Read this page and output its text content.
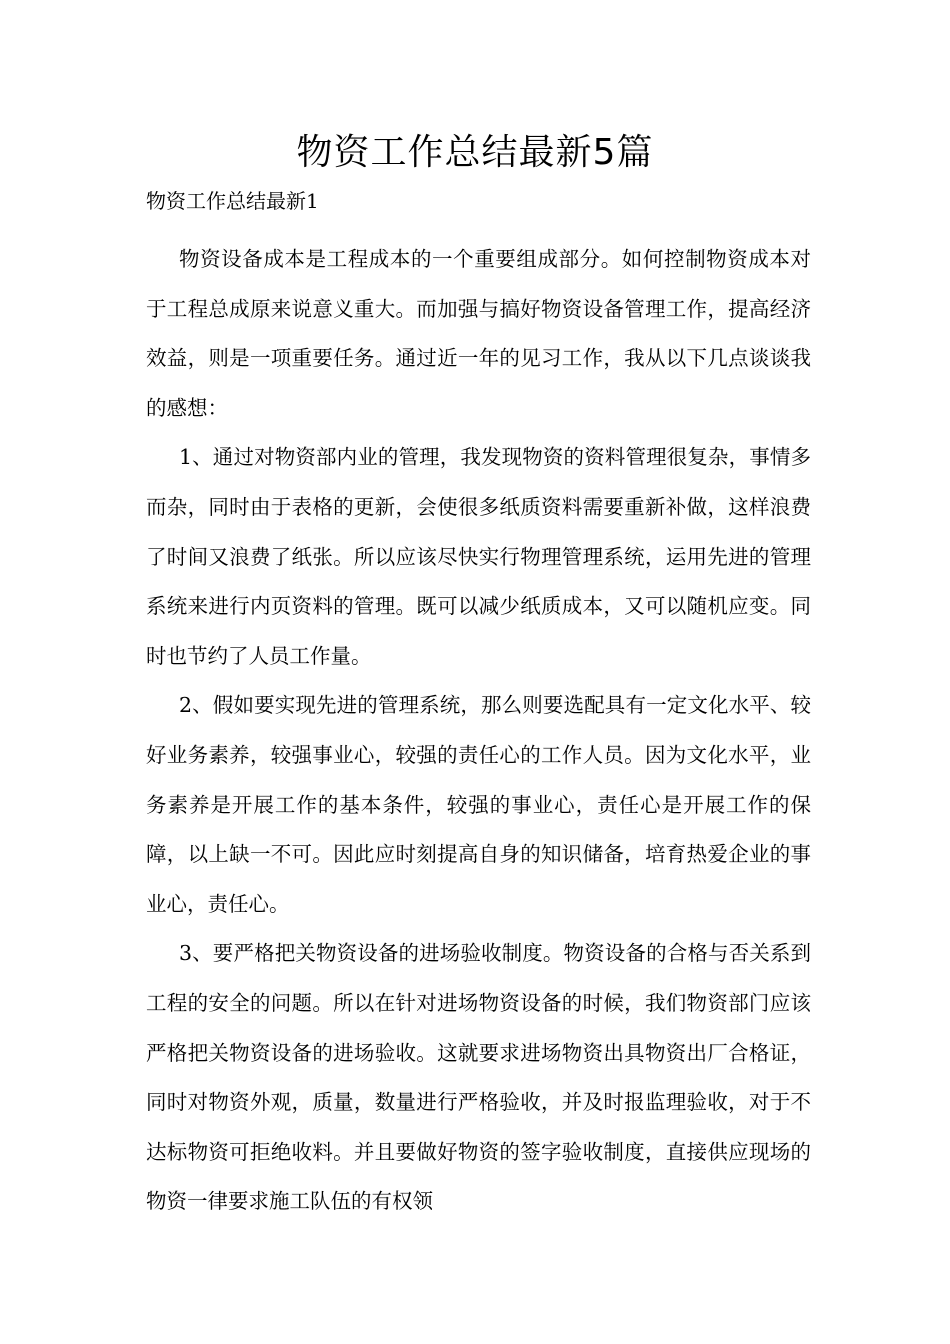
物资工作总结最新5篇
物资工作总结最新1

物资设备成本是工程成本的一个重要组成部分。如何控制物资成本对于工程总成原来说意义重大。而加强与搞好物资设备管理工作，提高经济效益，则是一项重要任务。通过近一年的见习工作，我从以下几点谈谈我的感想：

1、通过对物资部内业的管理，我发现物资的资料管理很复杂，事情多而杂，同时由于表格的更新，会使很多纸质资料需要重新补做，这样浪费了时间又浪费了纸张。所以应该尽快实行物理管理系统，运用先进的管理系统来进行内页资料的管理。既可以减少纸质成本，又可以随机应变。同时也节约了人员工作量。

2、假如要实现先进的管理系统，那么则要选配具有一定文化水平、较好业务素养，较强事业心，较强的责任心的工作人员。因为文化水平，业务素养是开展工作的基本条件，较强的事业心，责任心是开展工作的保障，以上缺一不可。因此应时刻提高自身的知识储备，培育热爱企业的事业心，责任心。

3、要严格把关物资设备的进场验收制度。物资设备的合格与否关系到工程的安全的问题。所以在针对进场物资设备的时候，我们物资部门应该严格把关物资设备的进场验收。这就要求进场物资出具物资出厂合格证，同时对物资外观，质量，数量进行严格验收，并及时报监理验收，对于不达标物资可拒绝收料。并且要做好物资的签字验收制度，直接供应现场的物资一律要求施工队伍的有权领
